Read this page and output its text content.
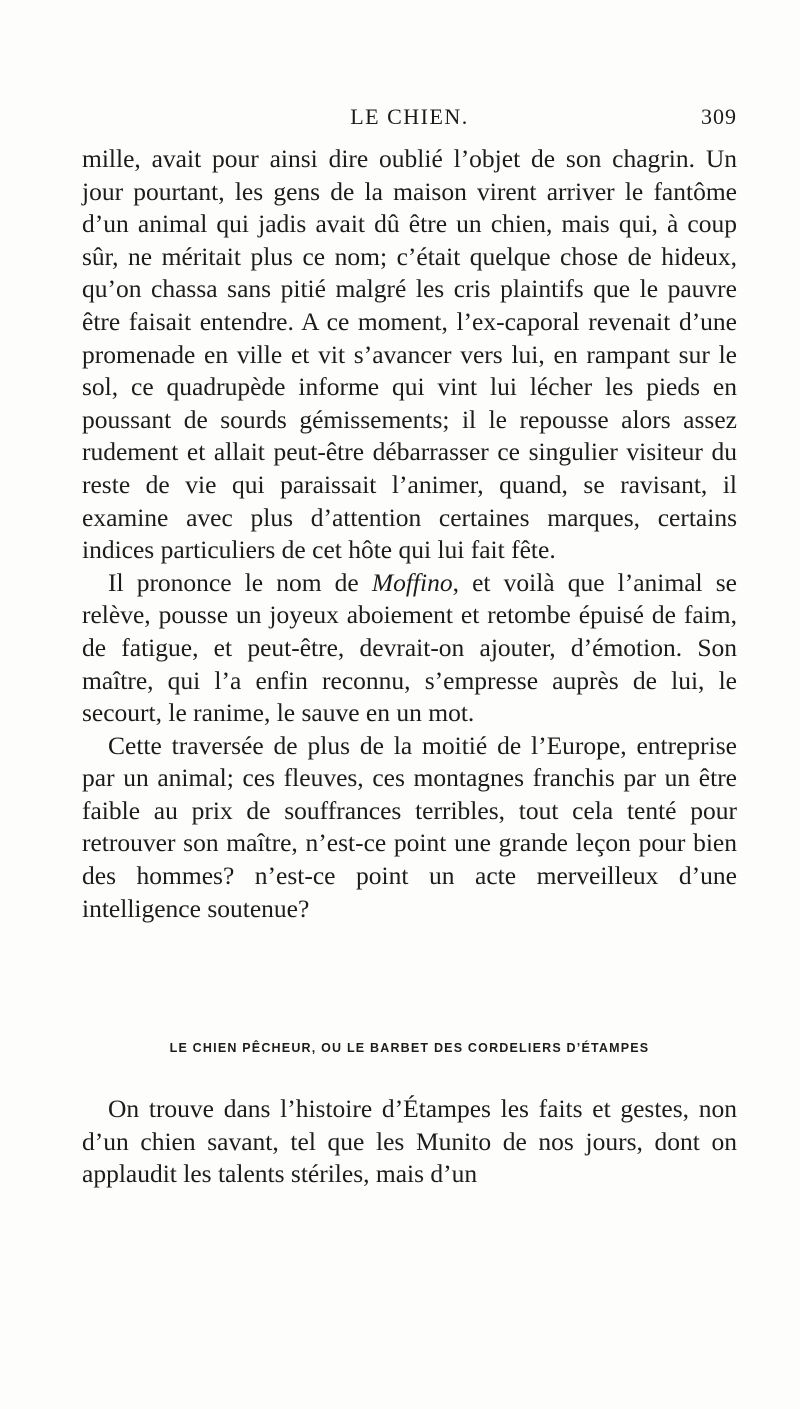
LE CHIEN.	309

mille, avait pour ainsi dire oublié l’objet de son chagrin. Un jour pourtant, les gens de la maison virent arriver le fantôme d’un animal qui jadis avait dû être un chien, mais qui, à coup sûr, ne méritait plus ce nom; c’était quelque chose de hideux, qu’on chassa sans pitié malgré les cris plaintifs que le pauvre être faisait entendre. A ce moment, l’ex-caporal revenait d’une promenade en ville et vit s’avancer vers lui, en rampant sur le sol, ce quadrupède informe qui vint lui lécher les pieds en poussant de sourds gémissements; il le repousse alors assez rudement et allait peut-être débarrasser ce singulier visiteur du reste de vie qui paraissait l’animer, quand, se ravisant, il examine avec plus d’attention certaines marques, certains indices particuliers de cet hôte qui lui fait fête.

Il prononce le nom de Moffino, et voilà que l’animal se relève, pousse un joyeux aboiement et retombe épuisé de faim, de fatigue, et peut-être, devrait-on ajouter, d’émotion. Son maître, qui l’a enfin reconnu, s’empresse auprès de lui, le secourt, le ranime, le sauve en un mot.

Cette traversée de plus de la moitié de l’Europe, entreprise par un animal; ces fleuves, ces montagnes franchis par un être faible au prix de souffrances terribles, tout cela tenté pour retrouver son maître, n’est-ce point une grande leçon pour bien des hommes? n’est-ce point un acte merveilleux d’une intelligence soutenue?

LE CHIEN PÊCHEUR, OU LE BARBET DES CORDELIERS D’ÉTAMPES

On trouve dans l’histoire d’Étampes les faits et gestes, non d’un chien savant, tel que les Munito de nos jours, dont on applaudit les talents stériles, mais d’un
